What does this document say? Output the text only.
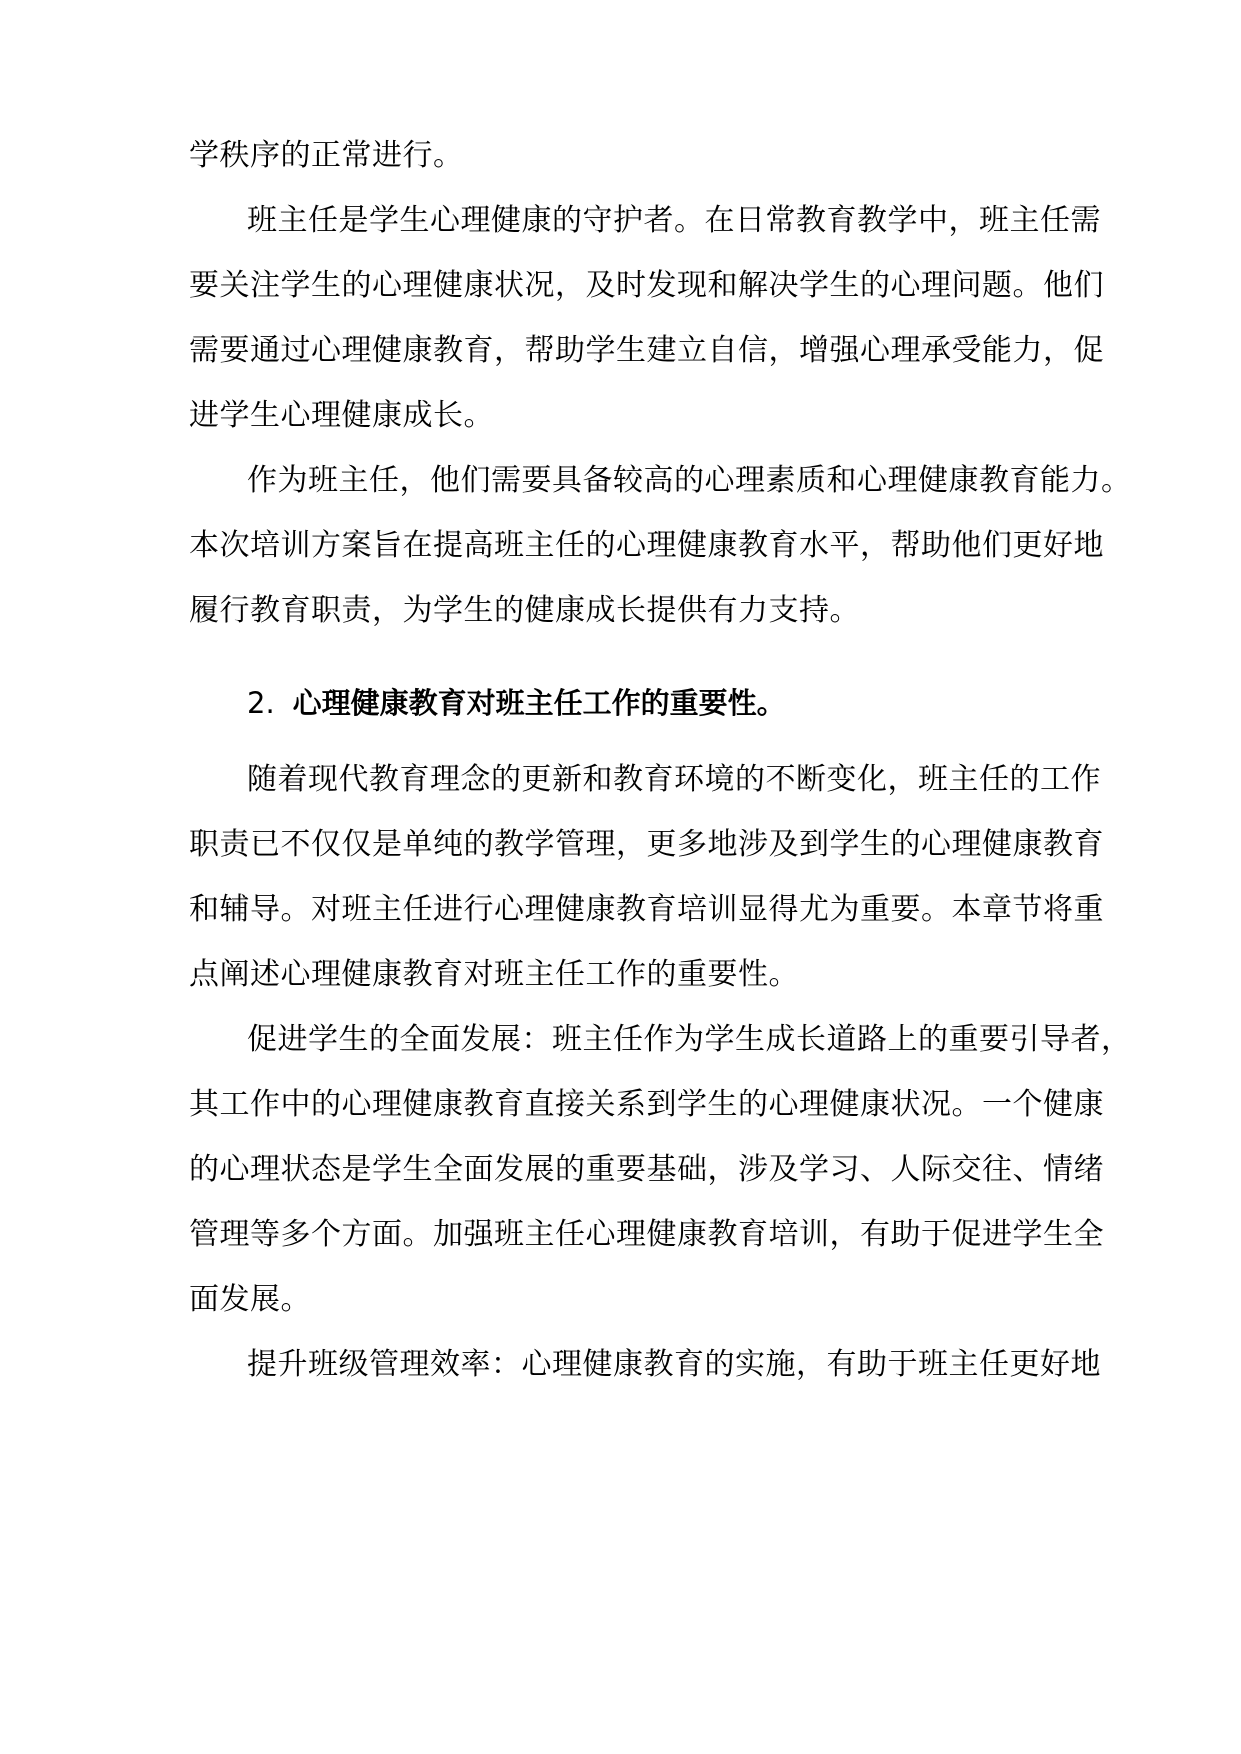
学秩序的正常进行。

班主任是学生心理健康的守护者。在日常教育教学中，班主任需

要关注学生的心理健康状况，及时发现和解决学生的心理问题。他们

需要通过心理健康教育，帮助学生建立自信，增强心理承受能力，促

进学生心理健康成长。

作为班主任，他们需要具备较高的心理素质和心理健康教育能力。

本次培训方案旨在提高班主任的心理健康教育水平，帮助他们更好地

履行教育职责，为学生的健康成长提供有力支持。

2. 心理健康教育对班主任工作的重要性。

随着现代教育理念的更新和教育环境的不断变化，班主任的工作

职责已不仅仅是单纯的教学管理，更多地涉及到学生的心理健康教育

和辅导。对班主任进行心理健康教育培训显得尤为重要。本章节将重

点阐述心理健康教育对班主任工作的重要性。

促进学生的全面发展：班主任作为学生成长道路上的重要引导者，

其工作中的心理健康教育直接关系到学生的心理健康状况。一个健康

的心理状态是学生全面发展的重要基础，涉及学习、人际交往、情绪

管理等多个方面。加强班主任心理健康教育培训，有助于促进学生全

面发展。

提升班级管理效率：心理健康教育的实施，有助于班主任更好地
